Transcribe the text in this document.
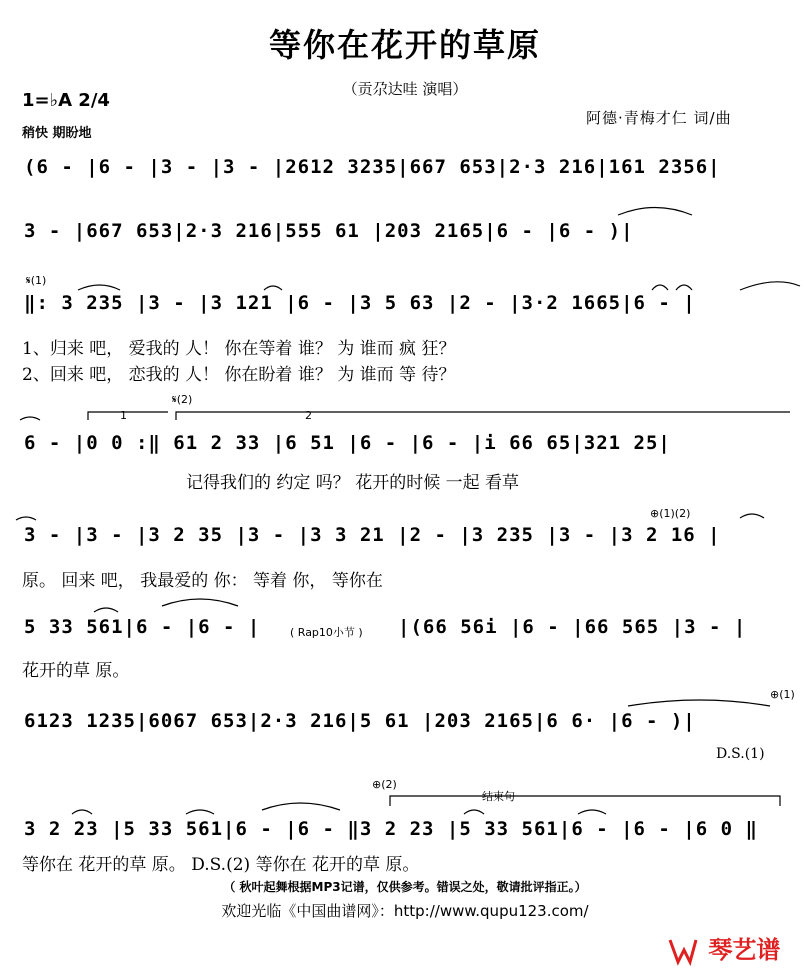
等你在花开的草原
（贡尕达哇 演唱）
1=♭A 2/4
稍快 期盼地
阿德·青梅才仁 词/曲
(6 - |6 - |3 - |3 - |2612 3235|667 653|2·3 216|161 2356|
3 - |667 653|2·3 216|555 61 |203 2165|6 - |6 - )|
𝄋(1)
‖: 3 235 |3 - |3 121 |6 - |3 5 63 |2 - |3·2 1665|6 - |
1、归来 吧， 爱我的 人！ 你在等着 谁？ 为 谁而 疯 狂？
2、回来 吧， 恋我的 人！ 你在盼着 谁？ 为 谁而 等 待？
1	2
𝄋(2)
6 - |0 0 :‖ 61 2 33 |6 51 |6 - |6 - |i 66 65|321 25|
记得我们的 约定 吗？ 花开的时候 一起 看草
⊕(1)(2)
3 - |3 - |3 2 35 |3 - |3 3 21 |2 - |3 235 |3 - |3 2 16 |
原。 回来 吧， 我最爱的 你： 等着 你， 等你在
5 33 561|6 - |6 - |	( Rap10小节 ) |(66 56i |6 - |66 565 |3 - |
花开的草 原。
⊕(1)
6123 1235|6067 653|2·3 216|5 61 |203 2165|6 6· |6 - )|
D.S.(1)
⊕(2)
结束句
3 2 23 |5 33 561|6 - |6 - ‖3 2 23 |5 33 561|6 - |6 - |6 0 ‖
等你在 花开的草 原。 D.S.(2) 等你在 花开的草 原。
（ 秋叶起舞根据MP3记谱，仅供参考。错误之处，敬请批评指正。）
欢迎光临《中国曲谱网》：http://www.qupu123.com/
琴艺谱
